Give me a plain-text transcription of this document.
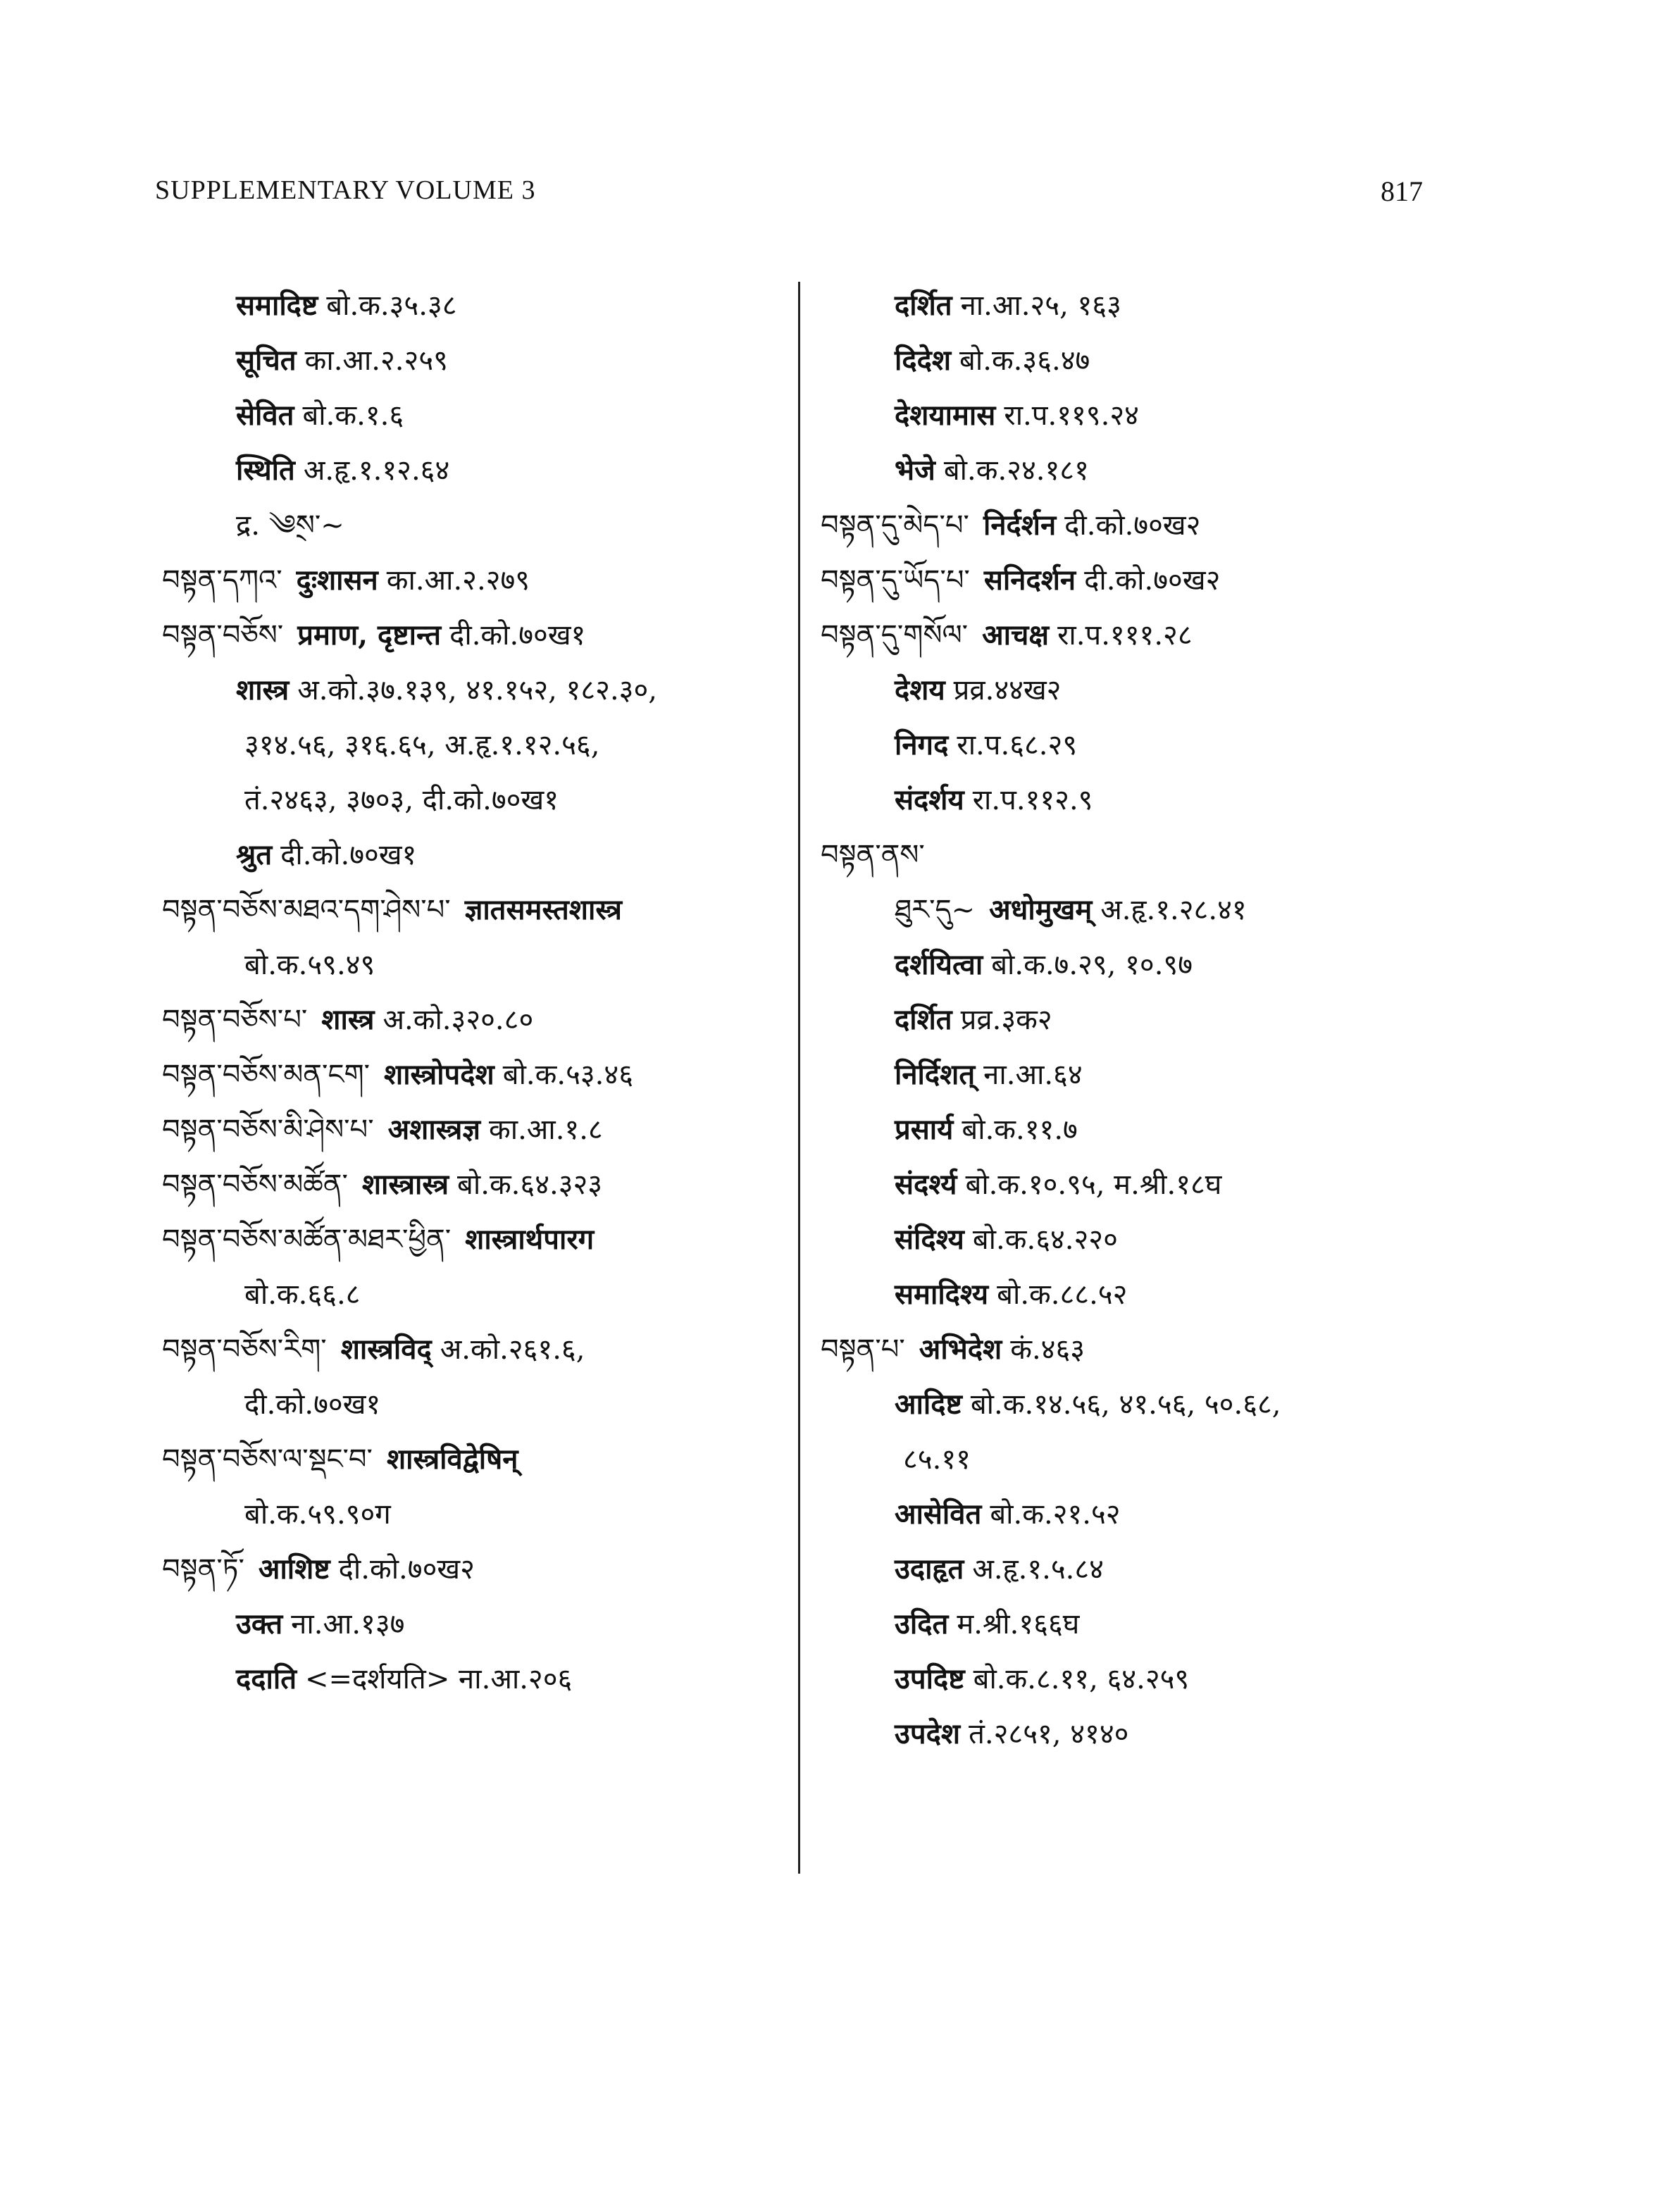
SUPPLEMENTARY VOLUME 3	817
समादिष्ट बो.क.३५.३८
सूचित का.आ.२.२५९
सेवित बो.क.१.६
स्थिति अ.हृ.१.१२.६४
द्र. ༄྄ས་~
བསྟན་དཀའ་ दुःशासन का.आ.२.२७९
བསྟན་བཅོས་ प्रमाण, दृष्टान्त दी.को.७०ख१
शास्त्र अ.को.३७.१३९, ४१.१५२, १८२.३०,
३१४.५६, ३१६.६५, अ.हृ.१.१२.५६,
तं.२४६३, ३७०३, दी.को.७०ख१
श्रुत दी.को.७०ख१
བསྟན་བཅོས་མཐའ་དག་ཤེས་པ་ ज्ञातसमस्तशास्त्र
बो.क.५९.४९
བསྟན་བཅོས་པ་ शास्त्र अ.को.३२०.८०
བསྟན་བཅོས་མན་ངག་ शास्त्रोपदेश बो.क.५३.४६
བསྟན་བཅོས་མི་ཤེས་པ་ अशास्त्रज्ञ का.आ.१.८
བསྟན་བཅོས་མཚོན་ शास्त्रास्त्र बो.क.६४.३२३
བསྟན་བཅོས་མཚོན་མཐར་ཕྱིན་ शास्त्रार्थपारग
बो.क.६६.८
བསྟན་བཅོས་རིག་ शास्त्रविद् अ.को.२६१.६,
दी.को.७०ख१
བསྟན་བཅོས་ལ་སྡང་བ་ शास्त्रविद्वेषिन्
बो.क.५९.९०ग
བསྟན་ཏོ་ आशिष्ट दी.को.७०ख२
उक्त ना.आ.१३७
ददाति <=दर्शयति> ना.आ.२०६
दर्शित ना.आ.२५, १६३
दिदेश बो.क.३६.४७
देशयामास रा.प.११९.२४
भेजे बो.क.२४.१८१
བསྟན་དུ་མེད་པ་ निर्दर्शन दी.को.७०ख२
བསྟན་དུ་ཡོད་པ་ सनिदर्शन दी.को.७०ख२
བསྟན་དུ་གསོལ་ आचक्ष रा.प.१११.२८
देशय प्रव्र.४४ख२
निगद रा.प.६८.२९
संदर्शय रा.प.११२.९
བསྟན་ནས་
ཐུར་དུ~ अधोमुखम् अ.हृ.१.२८.४१
दर्शयित्वा बो.क.७.२९, १०.९७
दर्शित प्रव्र.३क२
निर्दिशत् ना.आ.६४
प्रसार्य बो.क.११.७
संदर्श्य बो.क.१०.९५, म.श्री.१८घ
संदिश्य बो.क.६४.२२०
समादिश्य बो.क.८८.५२
བསྟན་པ་ अभिदेश कं.४६३
आदिष्ट बो.क.१४.५६, ४१.५६, ५०.६८,
८५.११
आसेवित बो.क.२१.५२
उदाहृत अ.हृ.१.५.८४
उदित म.श्री.१६६घ
उपदिष्ट बो.क.८.११, ६४.२५९
उपदेश तं.२८५१, ४१४०
